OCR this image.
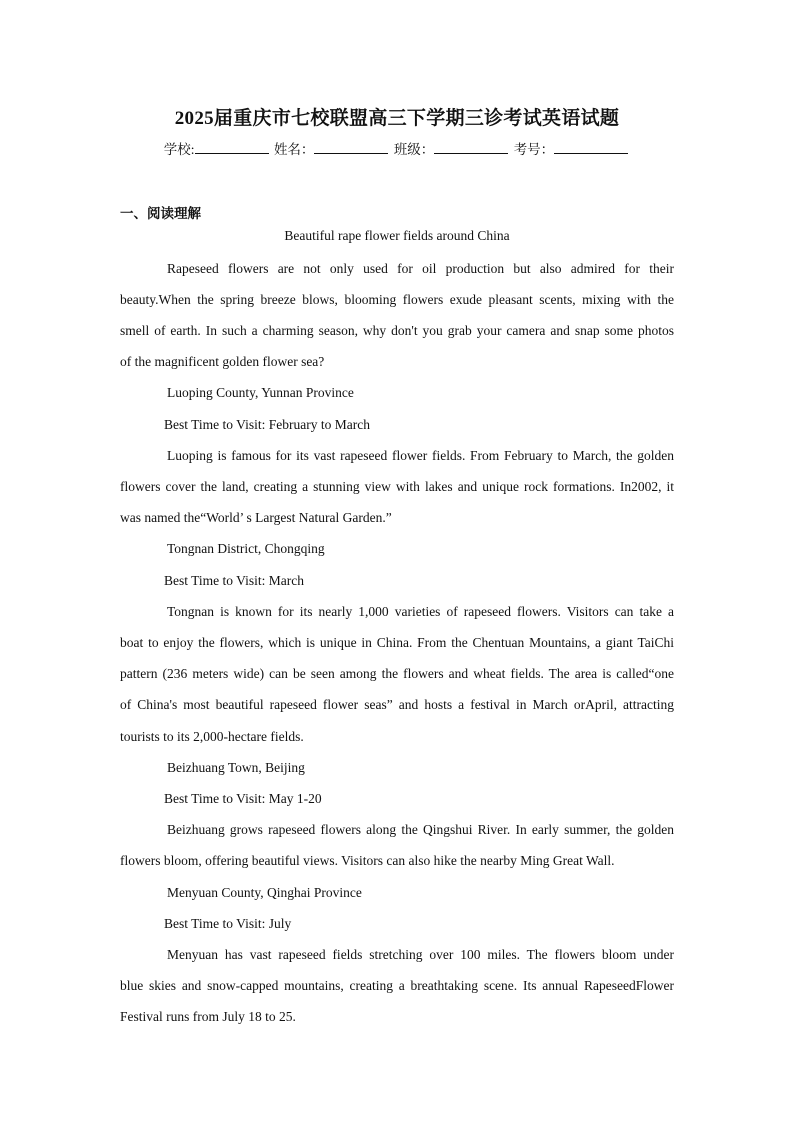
2025届重庆市七校联盟高三下学期三诊考试英语试题
学校:	姓名：	班级：	考号：
一、阅读理解
Beautiful rape flower fields around China
Rapeseed flowers are not only used for oil production but also admired for their
beauty.When the spring breeze blows, blooming flowers exude pleasant scents, mixing with the
smell of earth. In such a charming season, why don't you grab your camera and snap some photos
of the magnificent golden flower sea?
Luoping County, Yunnan Province
Best Time to Visit: February to March
Luoping is famous for its vast rapeseed flower fields. From February to March, the golden
flowers cover the land, creating a stunning view with lakes and unique rock formations. In2002, it
was named the“World’ s Largest Natural Garden.”
Tongnan District, Chongqing
Best Time to Visit: March
Tongnan is known for its nearly 1,000 varieties of rapeseed flowers. Visitors can take a
boat to enjoy the flowers, which is unique in China. From the Chentuan Mountains, a giant TaiChi
pattern (236 meters wide) can be seen among the flowers and wheat fields. The area is called“one
of China's most beautiful rapeseed flower seas” and hosts a festival in March orApril, attracting
tourists to its 2,000-hectare fields.
Beizhuang Town, Beijing
Best Time to Visit: May 1-20
Beizhuang grows rapeseed flowers along the Qingshui River. In early summer, the golden
flowers bloom, offering beautiful views. Visitors can also hike the nearby Ming Great Wall.
Menyuan County, Qinghai Province
Best Time to Visit: July
Menyuan has vast rapeseed fields stretching over 100 miles. The flowers bloom under
blue skies and snow-capped mountains, creating a breathtaking scene. Its annual RapeseedFlower
Festival runs from July 18 to 25.
